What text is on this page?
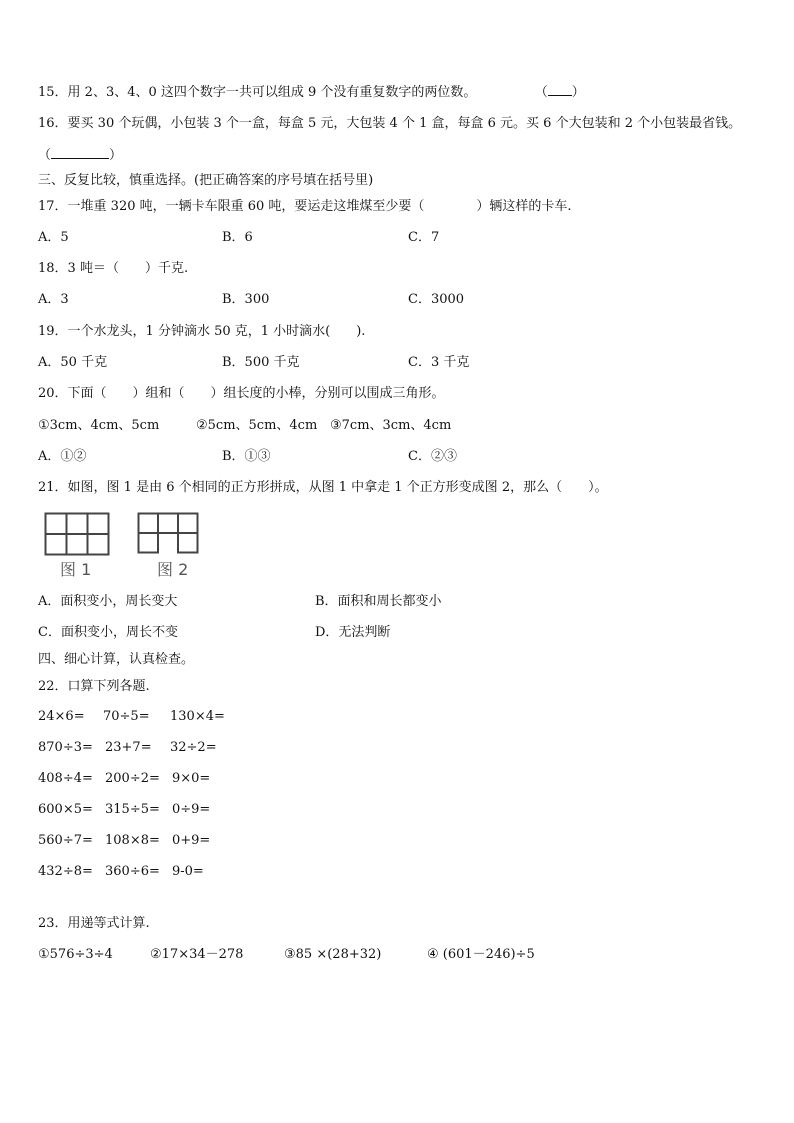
15．用 2、3、4、0 这四个数字一共可以组成 9 个没有重复数字的两位数。	（ ）
16．要买 30 个玩偶，小包装 3 个一盒，每盒 5 元，大包装 4 个 1 盒，每盒 6 元。买 6 个大包装和 2 个小包装最省钱。
（	）
三、反复比较，慎重选择。(把正确答案的序号填在括号里)
17．一堆重 320 吨，一辆卡车限重 60 吨，要运走这堆煤至少要（　　　　）辆这样的卡车.
A．5	B．6	C．7
18．3 吨＝（　　）千克.
A．3	B．300	C．3000
19．一个水龙头，1 分钟滴水 50 克，1 小时滴水(　　).
A．50 千克	B．500 千克	C．3 千克
20．下面（　　）组和（　　）组长度的小棒，分别可以围成三角形。
①3cm、4cm、5cm	②5cm、5cm、4cm ③7cm、3cm、4cm
A．①②	B．①③	C．②③
21．如图，图 1 是由 6 个相同的正方形拼成，从图 1 中拿走 1 个正方形变成图 2，那么（　　）。
图 1	图 2
A．面积变小，周长变大	B．面积和周长都变小
C．面积变小，周长不变	D．无法判断
四、细心计算，认真检查。
22．口算下列各题.
24×6= 70÷5= 130×4=
870÷3= 23+7= 32÷2=
408÷4= 200÷2= 9×0=
600×5= 315÷5= 0÷9=
560÷7= 108×8= 0+9=
432÷8= 360÷6= 9-0=
23．用递等式计算.
①576÷3÷4	②17×34－278	③85 ×(28+32)	④ (601－246)÷5
